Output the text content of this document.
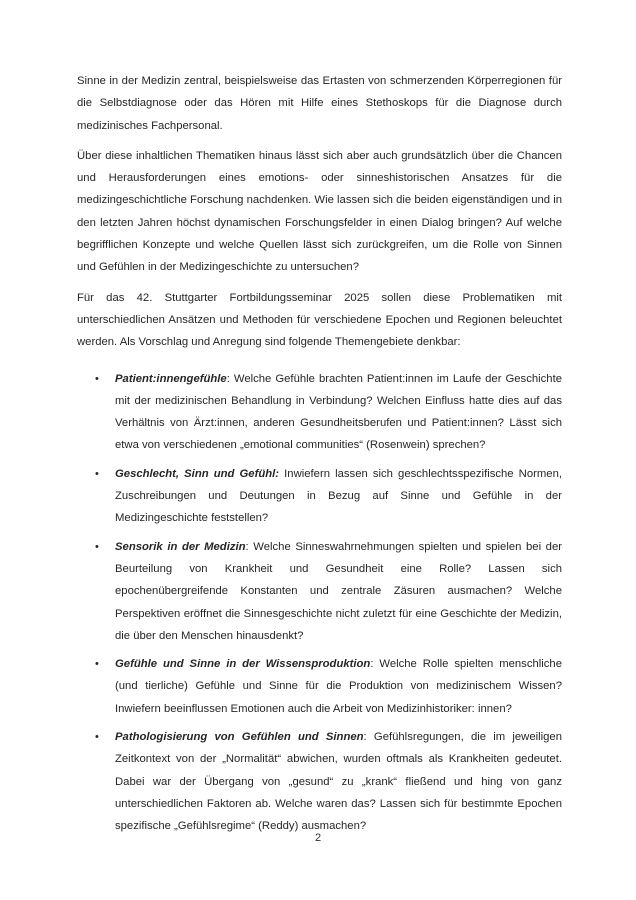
Sinne in der Medizin zentral, beispielsweise das Ertasten von schmerzenden Körperregionen für die Selbstdiagnose oder das Hören mit Hilfe eines Stethoskops für die Diagnose durch medizinisches Fachpersonal.

Über diese inhaltlichen Thematiken hinaus lässt sich aber auch grundsätzlich über die Chancen und Herausforderungen eines emotions- oder sinneshistorischen Ansatzes für die medizingeschichtliche Forschung nachdenken. Wie lassen sich die beiden eigenständigen und in den letzten Jahren höchst dynamischen Forschungsfelder in einen Dialog bringen? Auf welche begrifflichen Konzepte und welche Quellen lässt sich zurückgreifen, um die Rolle von Sinnen und Gefühlen in der Medizingeschichte zu untersuchen?

Für das 42. Stuttgarter Fortbildungsseminar 2025 sollen diese Problematiken mit unterschiedlichen Ansätzen und Methoden für verschiedene Epochen und Regionen beleuchtet werden. Als Vorschlag und Anregung sind folgende Themengebiete denkbar:

• Patient:innengefühle: Welche Gefühle brachten Patient:innen im Laufe der Geschichte mit der medizinischen Behandlung in Verbindung? Welchen Einfluss hatte dies auf das Verhältnis von Ärzt:innen, anderen Gesundheitsberufen und Patient:innen? Lässt sich etwa von verschiedenen „emotional communities“ (Rosenwein) sprechen?
• Geschlecht, Sinn und Gefühl: Inwiefern lassen sich geschlechtsspezifische Normen, Zuschreibungen und Deutungen in Bezug auf Sinne und Gefühle in der Medizingeschichte feststellen?
• Sensorik in der Medizin: Welche Sinneswahrnehmungen spielten und spielen bei der Beurteilung von Krankheit und Gesundheit eine Rolle? Lassen sich epochenübergreifende Konstanten und zentrale Zäsuren ausmachen? Welche Perspektiven eröffnet die Sinnesgeschichte nicht zuletzt für eine Geschichte der Medizin, die über den Menschen hinausdenkt?
• Gefühle und Sinne in der Wissensproduktion: Welche Rolle spielten menschliche (und tierliche) Gefühle und Sinne für die Produktion von medizinischem Wissen? Inwiefern beeinflussen Emotionen auch die Arbeit von Medizinhistoriker: innen?
• Pathologisierung von Gefühlen und Sinnen: Gefühlsregungen, die im jeweiligen Zeitkontext von der „Normalität“ abwichen, wurden oftmals als Krankheiten gedeutet. Dabei war der Übergang von „gesund“ zu „krank“ fließend und hing von ganz unterschiedlichen Faktoren ab. Welche waren das? Lassen sich für bestimmte Epochen spezifische „Gefühlsregime“ (Reddy) ausmachen?
2
